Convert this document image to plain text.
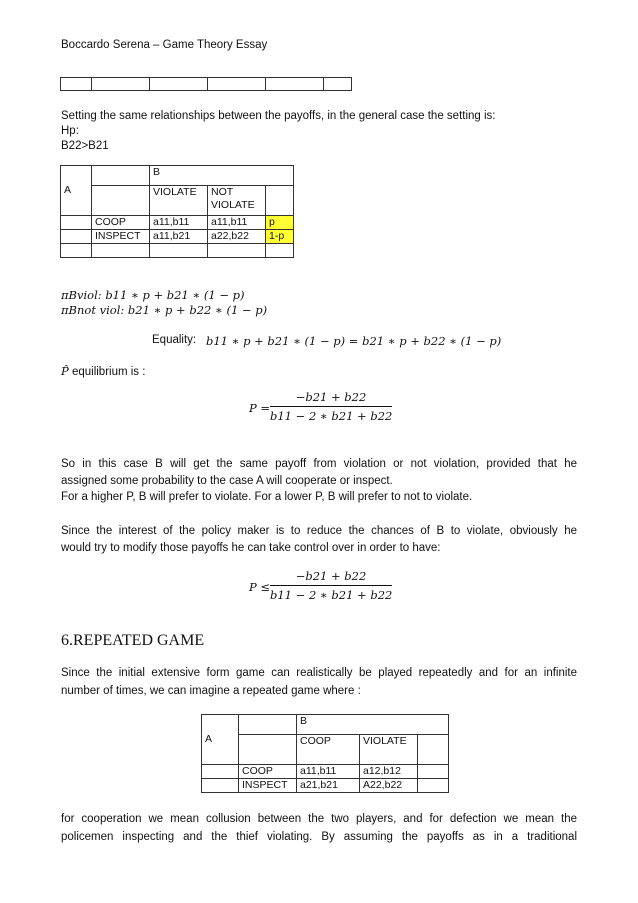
Boccardo Serena – Game Theory Essay

Setting the same relationships between the payoffs, in the general case the setting is:
Hp:
B22>B21
A		B		
		VIOLATE	NOT
VIOLATE	

	COOP	a11,b11	a11,b11	p
	INSPECT	a11,b21	a22,b22	1-p

πBviol: b11 ∗ p + b21 ∗ (1 − p)
πBnot viol: b21 ∗ p + b22 ∗ (1 − p)
Equality: b11 ∗ p + b21 ∗ (1 − p) = b21 ∗ p + b22 ∗ (1 − p)
P̂ equilibrium is :
P =
−b21 + b22
b11 − 2 ∗ b21 + b22
So in this case B will get the same payoff from violation or not violation, provided that he
assigned some probability to the case A will cooperate or inspect.
For a higher P, B will prefer to violate. For a lower P, B will prefer to not to violate.
Since the interest of the policy maker is to reduce the chances of B to violate, obviously he
would try to modify those payoffs he can take control over in order to have:
P ≤
−b21 + b22
b11 − 2 ∗ b21 + b22
6.REPEATED GAME
Since the initial extensive form game can realistically be played repeatedly and for an infinite
number of times, we can imagine a repeated game where :
A		B		
		COOP	VIOLATE	
	COOP	a11,b11	a12,b12	
	INSPECT	a21,b21	A22,b22	
for cooperation we mean collusion between the two players, and for defection we mean the
policemen inspecting and the thief violating. By assuming the payoffs as in a traditional
